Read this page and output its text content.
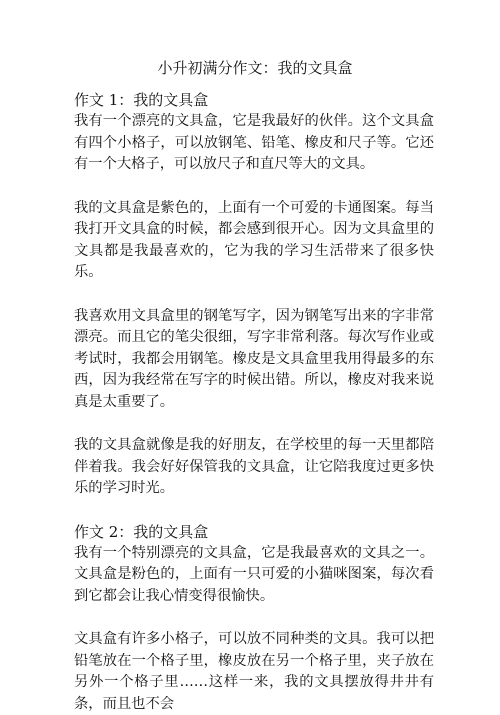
小升初满分作文：我的文具盒
作文 1：我的文具盒

我有一个漂亮的文具盒，它是我最好的伙伴。这个文具盒有四个小格子，可以放钢笔、铅笔、橡皮和尺子等。它还有一个大格子，可以放尺子和直尺等大的文具。

我的文具盒是紫色的，上面有一个可爱的卡通图案。每当我打开文具盒的时候，都会感到很开心。因为文具盒里的文具都是我最喜欢的，它为我的学习生活带来了很多快乐。

我喜欢用文具盒里的钢笔写字，因为钢笔写出来的字非常漂亮。而且它的笔尖很细，写字非常利落。每次写作业或考试时，我都会用钢笔。橡皮是文具盒里我用得最多的东西，因为我经常在写字的时候出错。所以，橡皮对我来说真是太重要了。

我的文具盒就像是我的好朋友，在学校里的每一天里都陪伴着我。我会好好保管我的文具盒，让它陪我度过更多快乐的学习时光。

作文 2：我的文具盒

我有一个特别漂亮的文具盒，它是我最喜欢的文具之一。文具盒是粉色的，上面有一只可爱的小猫咪图案，每次看到它都会让我心情变得很愉快。

文具盒有许多小格子，可以放不同种类的文具。我可以把铅笔放在一个格子里，橡皮放在另一个格子里，夹子放在另外一个格子里……这样一来，我的文具摆放得井井有条，而且也不会
